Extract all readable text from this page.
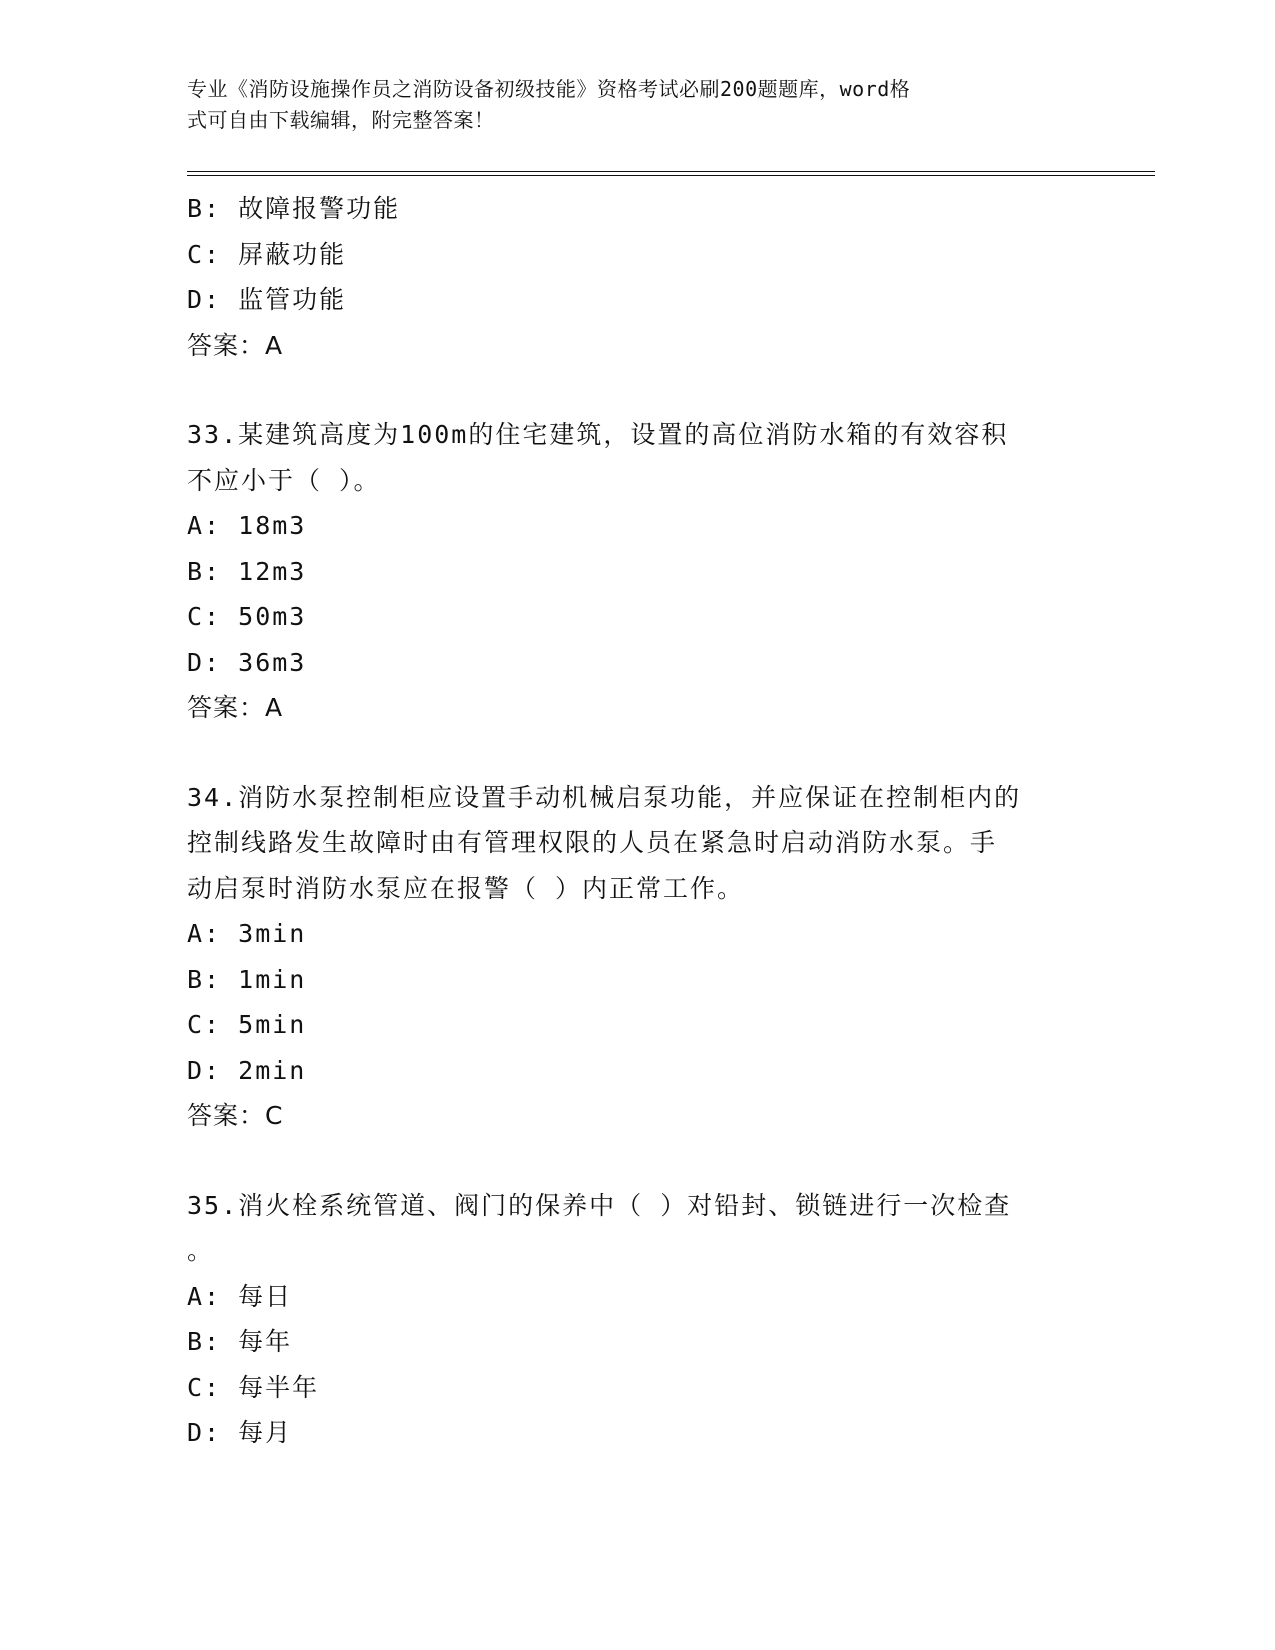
专业《消防设施操作员之消防设备初级技能》资格考试必刷200题题库，word格
式可自由下载编辑，附完整答案！
B: 故障报警功能
C: 屏蔽功能
D: 监管功能
答案：A
33.某建筑高度为100m的住宅建筑，设置的高位消防水箱的有效容积
不应小于（ ）。
A: 18m3
B: 12m3
C: 50m3
D: 36m3
答案：A
34.消防水泵控制柜应设置手动机械启泵功能，并应保证在控制柜内的
控制线路发生故障时由有管理权限的人员在紧急时启动消防水泵。手
动启泵时消防水泵应在报警（ ）内正常工作。
A: 3min
B: 1min
C: 5min
D: 2min
答案：C
35.消火栓系统管道、阀门的保养中（ ）对铅封、锁链进行一次检查
。
A: 每日
B: 每年
C: 每半年
D: 每月
